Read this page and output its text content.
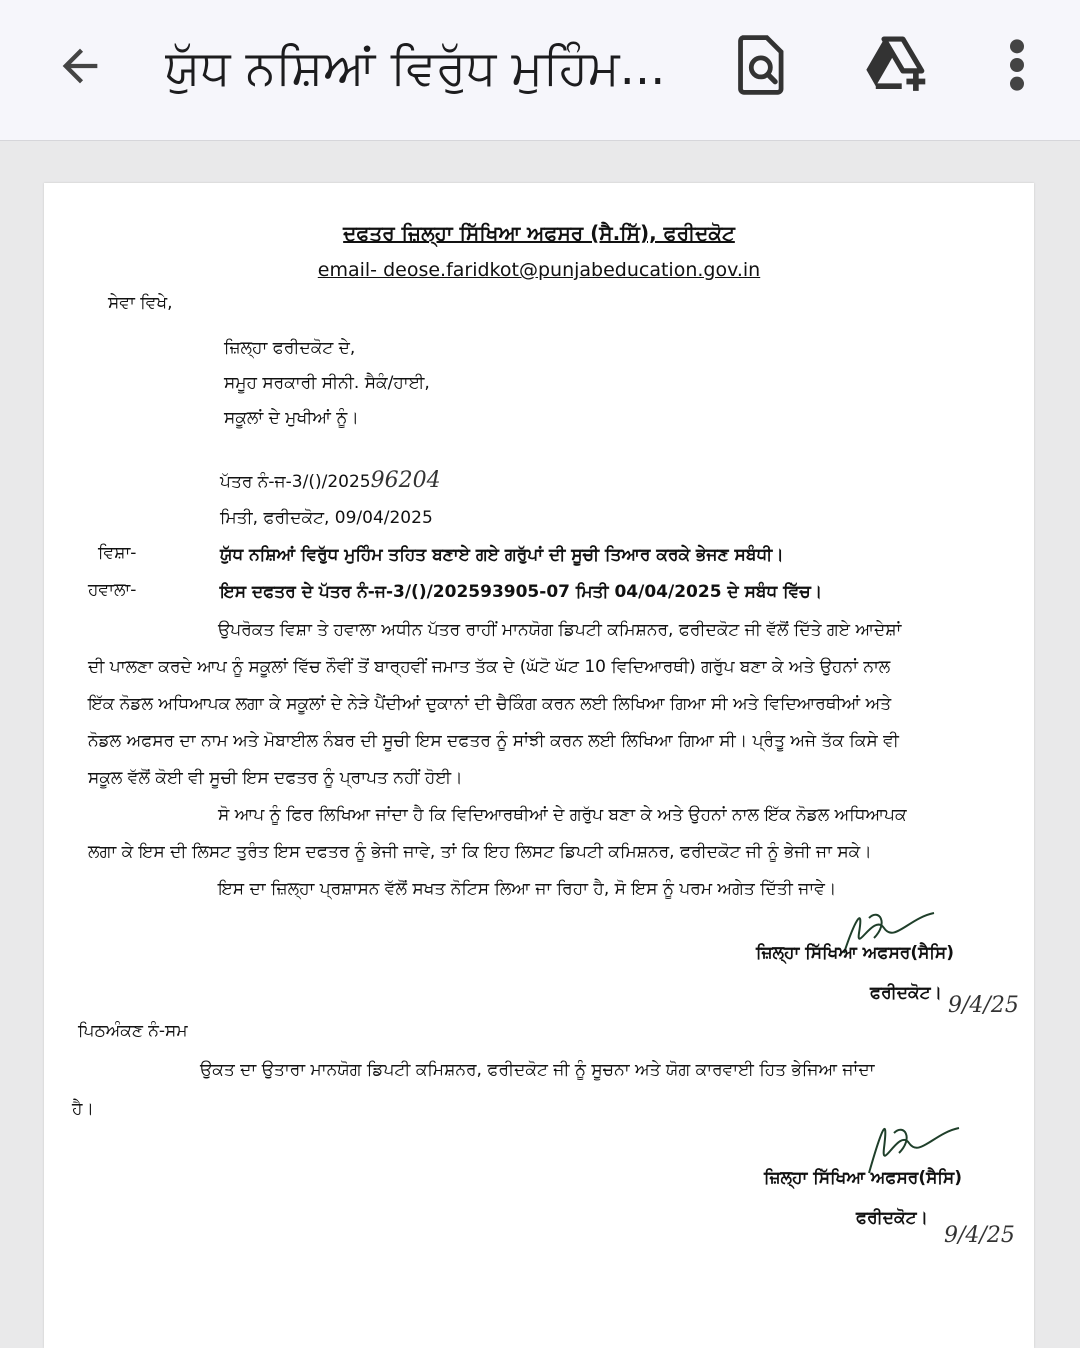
ਯੁੱਧ ਨਸ਼ਿਆਂ ਵਿਰੁੱਧ ਮੁਹਿੰਮ...
ਦਫਤਰ ਜ਼ਿਲ੍ਹਾ ਸਿੱਖਿਆ ਅਫਸਰ (ਸੈ.ਸਿੱ), ਫਰੀਦਕੋਟ
email- deose.faridkot@punjabeducation.gov.in
ਸੇਵਾ ਵਿਖੇ,
ਜ਼ਿਲ੍ਹਾ ਫਰੀਦਕੋਟ ਦੇ,
ਸਮੂਹ ਸਰਕਾਰੀ ਸੀਨੀ. ਸੈਕੰ/ਹਾਈ,
ਸਕੂਲਾਂ ਦੇ ਮੁਖੀਆਂ ਨੂੰ।
ਪੱਤਰ ਨੰ-ਜ-3/()/202596204
ਮਿਤੀ, ਫਰੀਦਕੋਟ, 09/04/2025
ਵਿਸ਼ਾ-	ਯੁੱਧ ਨਸ਼ਿਆਂ ਵਿਰੁੱਧ ਮੁਹਿੰਮ ਤਹਿਤ ਬਣਾਏ ਗਏ ਗਰੁੱਪਾਂ ਦੀ ਸੂਚੀ ਤਿਆਰ ਕਰਕੇ ਭੇਜਣ ਸਬੰਧੀ।
ਹਵਾਲਾ-	ਇਸ ਦਫਤਰ ਦੇ ਪੱਤਰ ਨੰ-ਜ-3/()/202593905-07 ਮਿਤੀ 04/04/2025 ਦੇ ਸਬੰਧ ਵਿੱਚ।
ਉਪਰੋਕਤ ਵਿਸ਼ਾ ਤੇ ਹਵਾਲਾ ਅਧੀਨ ਪੱਤਰ ਰਾਹੀਂ ਮਾਨਯੋਗ ਡਿਪਟੀ ਕਮਿਸ਼ਨਰ, ਫਰੀਦਕੋਟ ਜੀ ਵੱਲੋਂ ਦਿੱਤੇ ਗਏ ਆਦੇਸ਼ਾਂ
ਦੀ ਪਾਲਣਾ ਕਰਦੇ ਆਪ ਨੂੰ ਸਕੂਲਾਂ ਵਿੱਚ ਨੌਵੀਂ ਤੋਂ ਬਾਰ੍ਹਵੀਂ ਜਮਾਤ ਤੱਕ ਦੇ (ਘੱਟੋ ਘੱਟ 10 ਵਿਦਿਆਰਥੀ) ਗਰੁੱਪ ਬਣਾ ਕੇ ਅਤੇ ਉਹਨਾਂ ਨਾਲ
ਇੱਕ ਨੋਡਲ ਅਧਿਆਪਕ ਲਗਾ ਕੇ ਸਕੂਲਾਂ ਦੇ ਨੇੜੇ ਪੈਂਦੀਆਂ ਦੁਕਾਨਾਂ ਦੀ ਚੈਕਿੰਗ ਕਰਨ ਲਈ ਲਿਖਿਆ ਗਿਆ ਸੀ ਅਤੇ ਵਿਦਿਆਰਥੀਆਂ ਅਤੇ
ਨੋਡਲ ਅਫਸਰ ਦਾ ਨਾਮ ਅਤੇ ਮੋਬਾਈਲ ਨੰਬਰ ਦੀ ਸੂਚੀ ਇਸ ਦਫਤਰ ਨੂੰ ਸਾਂਝੀ ਕਰਨ ਲਈ ਲਿਖਿਆ ਗਿਆ ਸੀ। ਪ੍ਰੰਤੂ ਅਜੇ ਤੱਕ ਕਿਸੇ ਵੀ
ਸਕੂਲ ਵੱਲੋਂ ਕੋਈ ਵੀ ਸੂਚੀ ਇਸ ਦਫਤਰ ਨੂੰ ਪ੍ਰਾਪਤ ਨਹੀਂ ਹੋਈ।
ਸੋ ਆਪ ਨੂੰ ਫਿਰ ਲਿਖਿਆ ਜਾਂਦਾ ਹੈ ਕਿ ਵਿਦਿਆਰਥੀਆਂ ਦੇ ਗਰੁੱਪ ਬਣਾ ਕੇ ਅਤੇ ਉਹਨਾਂ ਨਾਲ ਇੱਕ ਨੋਡਲ ਅਧਿਆਪਕ
ਲਗਾ ਕੇ ਇਸ ਦੀ ਲਿਸਟ ਤੁਰੰਤ ਇਸ ਦਫਤਰ ਨੂੰ ਭੇਜੀ ਜਾਵੇ, ਤਾਂ ਕਿ ਇਹ ਲਿਸਟ ਡਿਪਟੀ ਕਮਿਸ਼ਨਰ, ਫਰੀਦਕੋਟ ਜੀ ਨੂੰ ਭੇਜੀ ਜਾ ਸਕੇ।
ਇਸ ਦਾ ਜ਼ਿਲ੍ਹਾ ਪ੍ਰਸ਼ਾਸਨ ਵੱਲੋਂ ਸਖਤ ਨੋਟਿਸ ਲਿਆ ਜਾ ਰਿਹਾ ਹੈ, ਸੋ ਇਸ ਨੂੰ ਪਰਮ ਅਗੇਤ ਦਿੱਤੀ ਜਾਵੇ।
ਜ਼ਿਲ੍ਹਾ ਸਿੱਖਿਆ ਅਫਸਰ(ਸੈਸਿ)
ਫਰੀਦਕੋਟ। 9/4/25
ਪਿਠਅੰਕਣ ਨੰ-ਸਮ
ਉਕਤ ਦਾ ਉਤਾਰਾ ਮਾਨਯੋਗ ਡਿਪਟੀ ਕਮਿਸ਼ਨਰ, ਫਰੀਦਕੋਟ ਜੀ ਨੂੰ ਸੂਚਨਾ ਅਤੇ ਯੋਗ ਕਾਰਵਾਈ ਹਿਤ ਭੇਜਿਆ ਜਾਂਦਾ
ਹੈ।
ਜ਼ਿਲ੍ਹਾ ਸਿੱਖਿਆ ਅਫਸਰ(ਸੈਸਿ)
ਫਰੀਦਕੋਟ।
9/4/25
